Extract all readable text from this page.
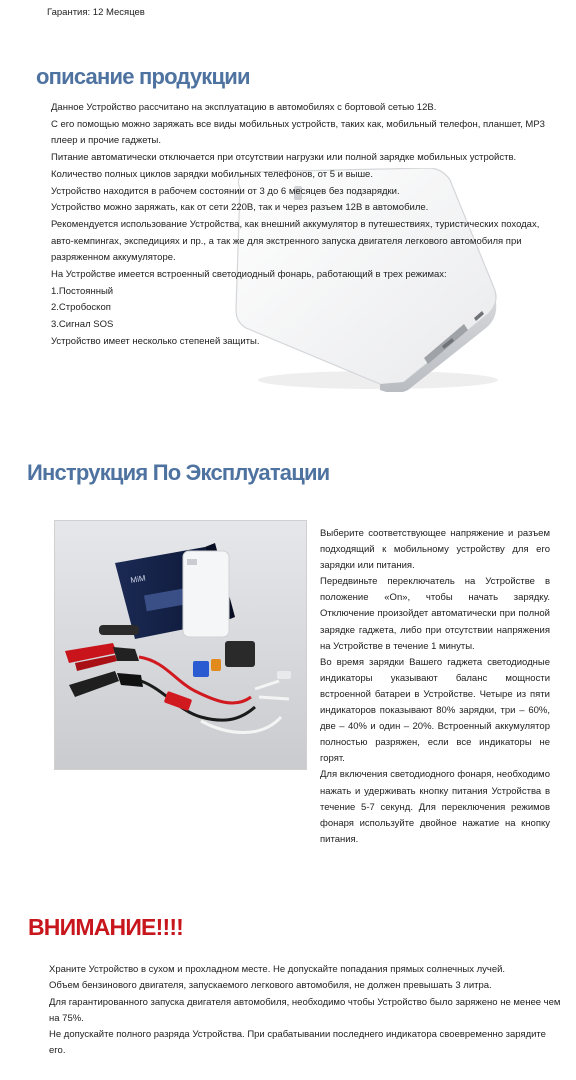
Гарантия: 12 Месяцев
описание продукции

Данное Устройство рассчитано на эксплуатацию в автомобилях с бортовой сетью 12В.

С его помощью можно заряжать все виды мобильных устройств, таких как, мобильный телефон, планшет, MP3 плеер и прочие гаджеты.

Питание автоматически отключается при отсутствии нагрузки или полной зарядке мобильных устройств.

Количество полных циклов зарядки мобильных телефонов, от 5 и выше.

Устройство находится в рабочем состоянии от 3 до 6 месяцев без подзарядки.

Устройство можно заряжать, как от сети 220В, так и через разъем 12В в автомобиле.

Рекомендуется использование Устройства, как внешний аккумулятор в путешествиях, туристических походах,

авто-кемпингах, экспедициях и пр., а так же для экстренного запуска двигателя легкового автомобиля при разряженном аккумуляторе.

На Устройстве имеется встроенный светодиодный фонарь, работающий в трех режимах:

1.Постоянный

2.Стробоскоп

3.Сигнал SOS

Устройство имеет несколько степеней защиты.

Инструкция По Эксплуатации
MiM

Выберите соответствующее напряжение и разъем подходящий к мобильному устройству для его зарядки или питания.

Передвиньте переключатель на Устройстве в положение «On», чтобы начать зарядку. Отключение произойдет автоматически при полной зарядке гаджета, либо при отсутствии напряжения на Устройстве в течение 1 минуты.

Во время зарядки Вашего гаджета светодиодные индикаторы указывают баланс мощности встроенной батареи в Устройстве. Четыре из пяти индикаторов показывают 80% зарядки, три – 60%, две – 40% и один – 20%. Встроенный аккумулятор полностью разряжен, если все индикаторы не горят.

Для включения светодиодного фонаря, необходимо нажать и удерживать кнопку питания Устройства в течение 5-7 секунд. Для переключения режимов фонаря используйте двойное нажатие на кнопку питания.

ВНИМАНИЕ!!!!

Храните Устройство в сухом и прохладном месте. Не допускайте попадания прямых солнечных лучей.

Объем бензинового двигателя, запускаемого легкового автомобиля, не должен превышать 3 литра.

Для гарантированного запуска двигателя автомобиля, необходимо чтобы Устройство было заряжено не менее чем на 75%.

Не допускайте полного разряда Устройства. При срабатывании последнего индикатора своевременно зарядите его.
